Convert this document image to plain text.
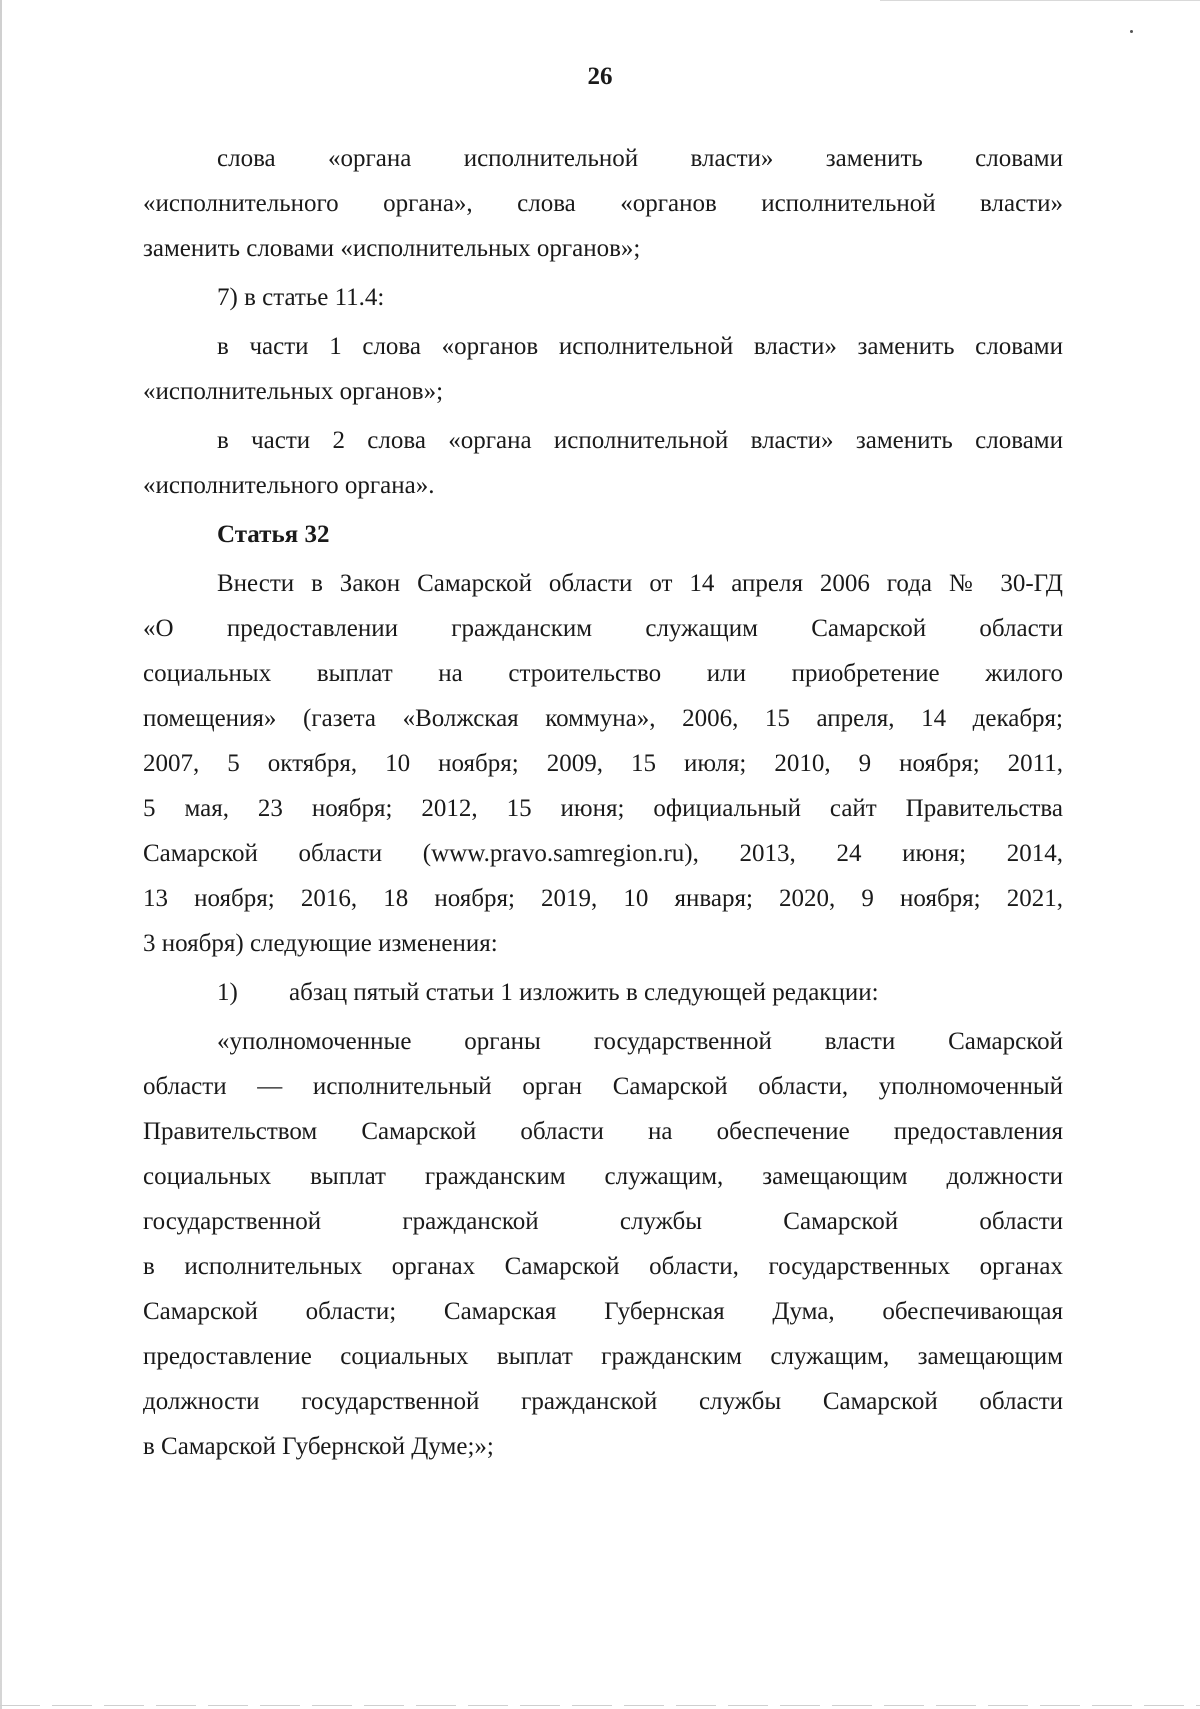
26
слова «органа исполнительной власти» заменить словами
«исполнительного органа», слова «органов исполнительной власти»
заменить словами «исполнительных органов»;
7) в статье 11.4:
в части 1 слова «органов исполнительной власти» заменить словами
«исполнительных органов»;
в части 2 слова «органа исполнительной власти» заменить словами
«исполнительного органа».
Статья 32
Внести в Закон Самарской области от 14 апреля 2006 года № 30-ГД
«О предоставлении гражданским служащим Самарской области
социальных выплат на строительство или приобретение жилого
помещения» (газета «Волжская коммуна», 2006, 15 апреля, 14 декабря;
2007, 5 октября, 10 ноября; 2009, 15 июля; 2010, 9 ноября; 2011,
5 мая, 23 ноября; 2012, 15 июня; официальный сайт Правительства
Самарской области (www.pravo.samregion.ru), 2013, 24 июня; 2014,
13 ноября; 2016, 18 ноября; 2019, 10 января; 2020, 9 ноября; 2021,
3 ноября) следующие изменения:
1) абзац пятый статьи 1 изложить в следующей редакции:
«уполномоченные органы государственной власти Самарской
области — исполнительный орган Самарской области, уполномоченный
Правительством Самарской области на обеспечение предоставления
социальных выплат гражданским служащим, замещающим должности
государственной гражданской службы Самарской области
в исполнительных органах Самарской области, государственных органах
Самарской области; Самарская Губернская Дума, обеспечивающая
предоставление социальных выплат гражданским служащим, замещающим
должности государственной гражданской службы Самарской области
в Самарской Губернской Думе;»;
